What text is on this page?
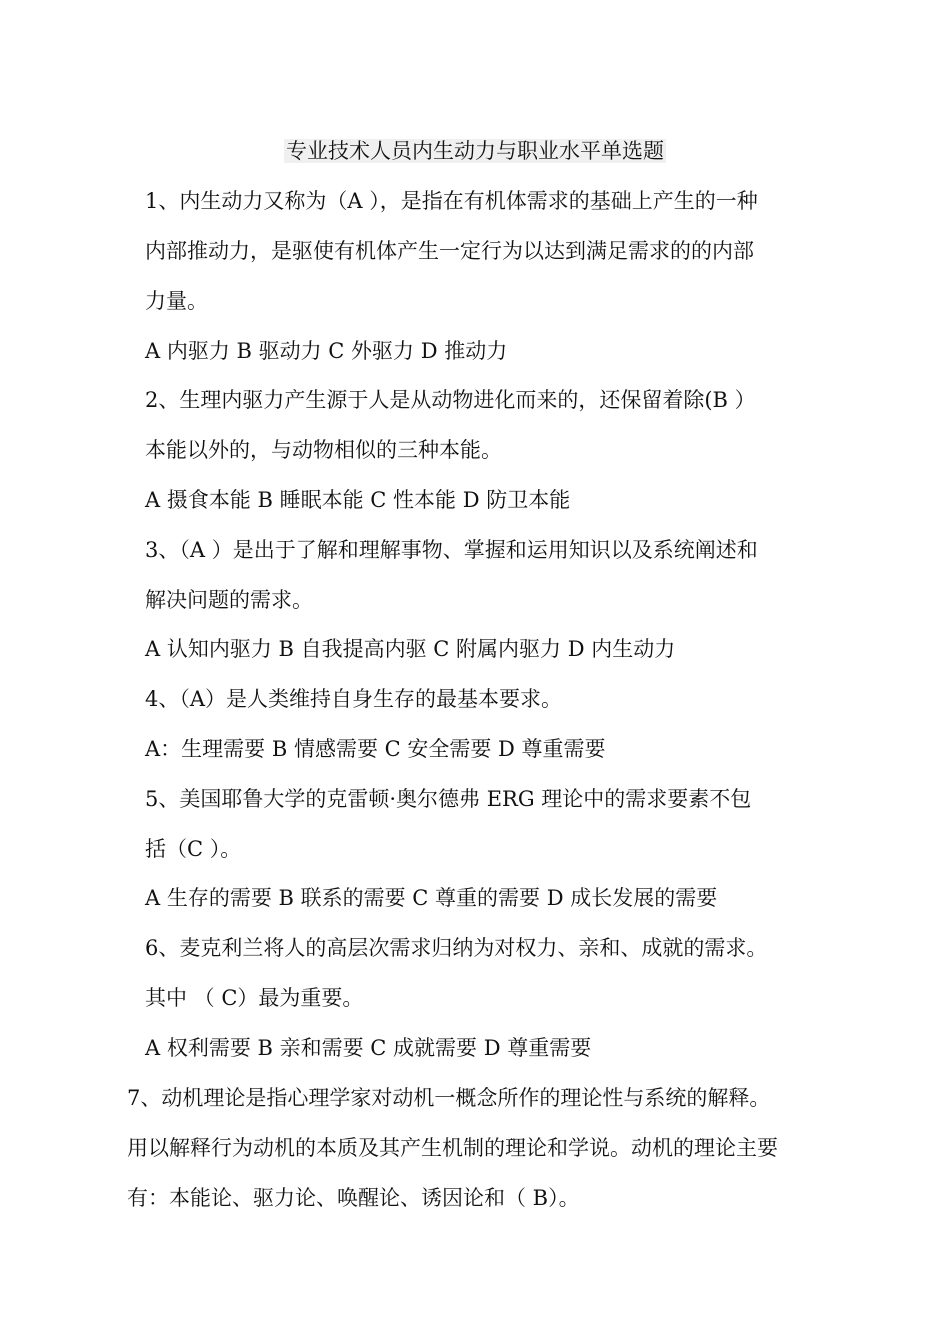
专业技术人员内生动力与职业水平单选题
1、内生动力又称为（A ），是指在有机体需求的基础上产生的一种
内部推动力，是驱使有机体产生一定行为以达到满足需求的的内部
力量。
A 内驱力 B 驱动力 C 外驱力 D 推动力
2、生理内驱力产生源于人是从动物进化而来的，还保留着除(B ）
本能以外的，与动物相似的三种本能。
A 摄食本能 B 睡眠本能 C 性本能 D 防卫本能
3、（A ）是出于了解和理解事物、掌握和运用知识以及系统阐述和
解决问题的需求。
A 认知内驱力 B 自我提高内驱 C 附属内驱力 D 内生动力
4、（A）是人类维持自身生存的最基本要求。
A：生理需要 B 情感需要 C 安全需要 D 尊重需要
5、美国耶鲁大学的克雷顿·奥尔德弗 ERG 理论中的需求要素不包
括（C ）。
A 生存的需要 B 联系的需要 C 尊重的需要 D 成长发展的需要
6、麦克利兰将人的高层次需求归纳为对权力、亲和、成就的需求。
其中 （ C）最为重要。
A 权利需要 B 亲和需要 C 成就需要 D 尊重需要
7、动机理论是指心理学家对动机一概念所作的理论性与系统的解释。
用以解释行为动机的本质及其产生机制的理论和学说。动机的理论主要
有：本能论、驱力论、唤醒论、诱因论和（ B）。
